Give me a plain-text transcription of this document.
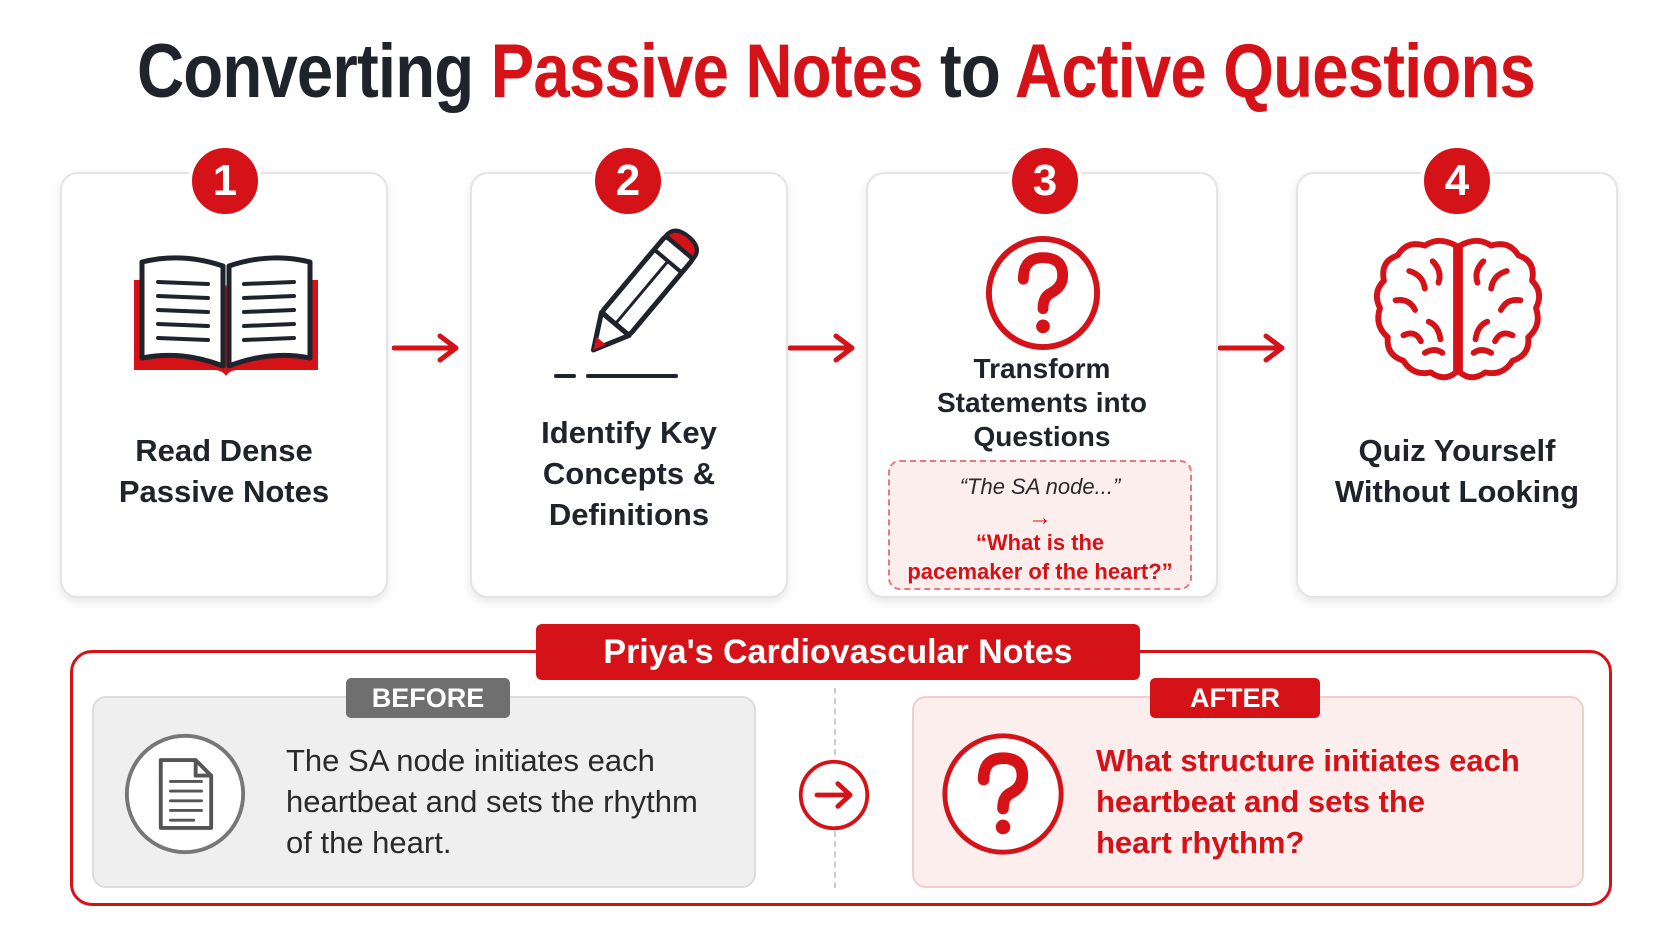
Converting Passive Notes to Active Questions
Read Dense
Passive Notes
1
Identify Key
Concepts &
Definitions
2
Transform
Statements into
Questions
3
“The SA node...”
→
“What is the
pacemaker of the heart?”
Quiz Yourself
Without Looking
4
Priya's Cardiovascular Notes
BEFORE
The SA node initiates each
heartbeat and sets the rhythm
of the heart.
AFTER
What structure initiates each
heartbeat and sets the
heart rhythm?
